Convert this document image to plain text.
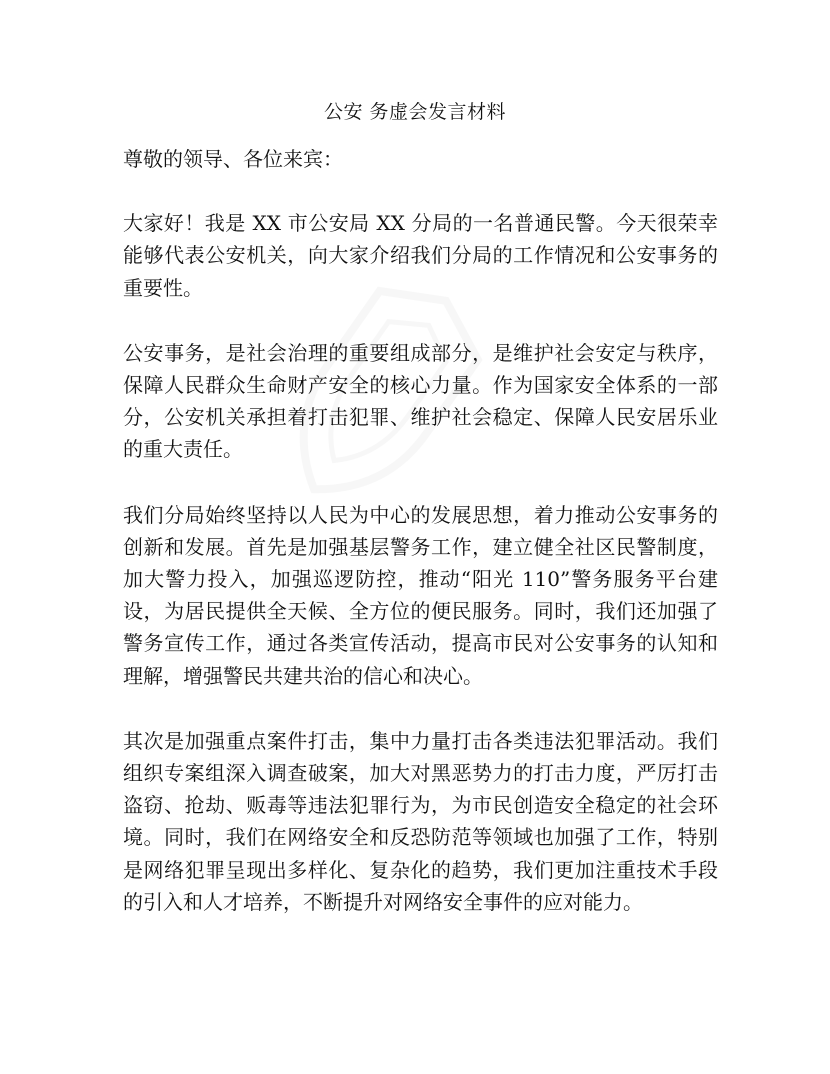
公安 务虚会发言材料

尊敬的领导、各位来宾：

大家好！我是 XX 市公安局 XX 分局的一名普通民警。今天很荣幸能够代表公安机关，向大家介绍我们分局的工作情况和公安事务的重要性。

公安事务，是社会治理的重要组成部分，是维护社会安定与秩序，保障人民群众生命财产安全的核心力量。作为国家安全体系的一部分，公安机关承担着打击犯罪、维护社会稳定、保障人民安居乐业的重大责任。

我们分局始终坚持以人民为中心的发展思想，着力推动公安事务的创新和发展。首先是加强基层警务工作，建立健全社区民警制度，加大警力投入，加强巡逻防控，推动“阳光 110”警务服务平台建设，为居民提供全天候、全方位的便民服务。同时，我们还加强了警务宣传工作，通过各类宣传活动，提高市民对公安事务的认知和理解，增强警民共建共治的信心和决心。

其次是加强重点案件打击，集中力量打击各类违法犯罪活动。我们组织专案组深入调查破案，加大对黑恶势力的打击力度，严厉打击盗窃、抢劫、贩毒等违法犯罪行为，为市民创造安全稳定的社会环境。同时，我们在网络安全和反恐防范等领域也加强了工作，特别是网络犯罪呈现出多样化、复杂化的趋势，我们更加注重技术手段的引入和人才培养，不断提升对网络安全事件的应对能力。
